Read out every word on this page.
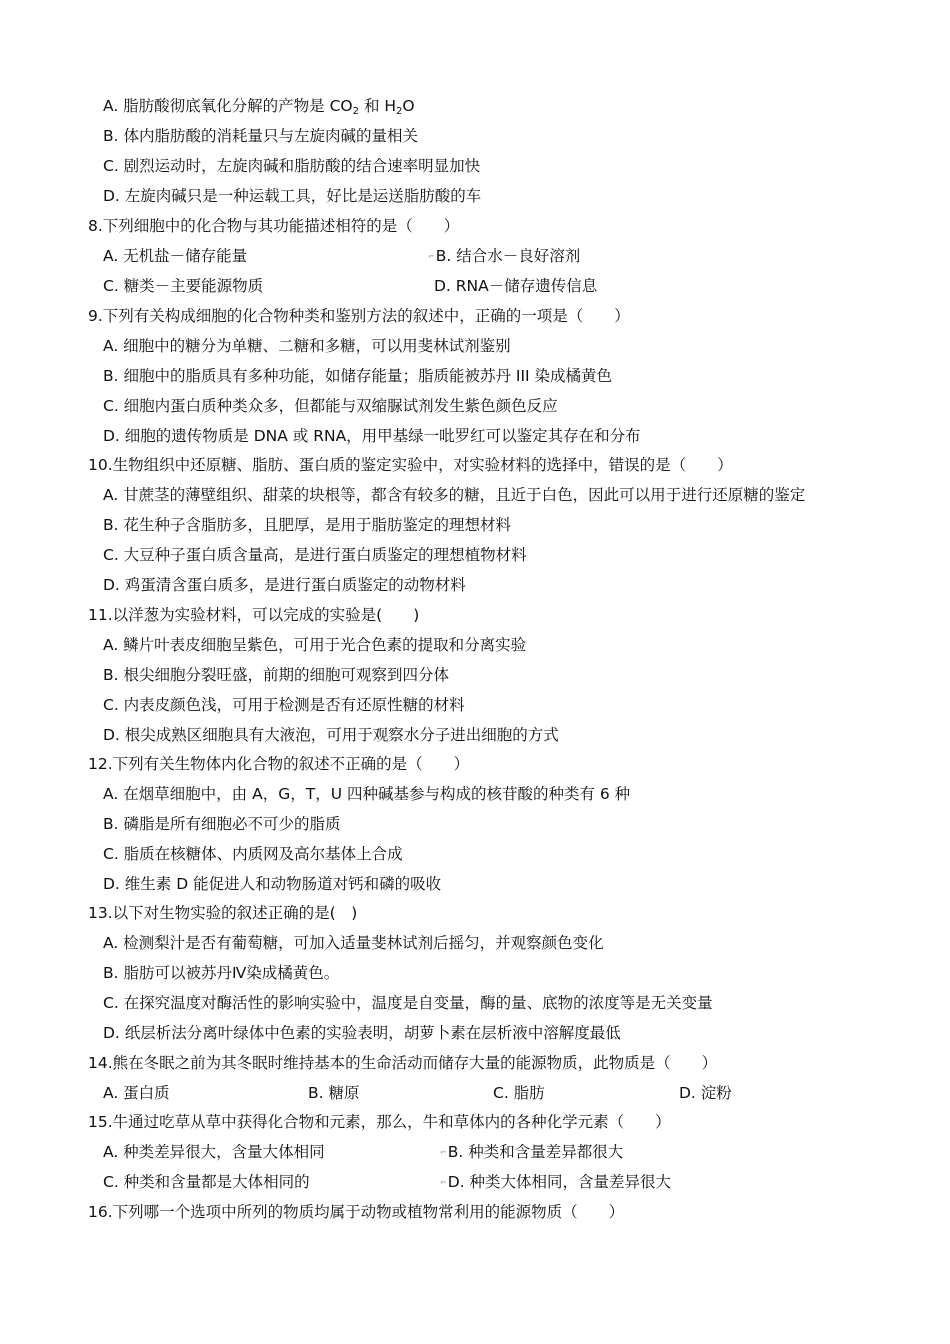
A. 脂肪酸彻底氧化分解的产物是 $CO_2$ 和 $H_2O$
B. 体内脂肪酸的消耗量只与左旋肉碱的量相关
C. 剧烈运动时，左旋肉碱和脂肪酸的结合速率明显加快
D. 左旋肉碱只是一种运载工具，好比是运送脂肪酸的车
8.下列细胞中的化合物与其功能描述相符的是（　　）
A. 无机盐－储存能量	⌐B. 结合水－良好溶剂
C. 糖类－主要能源物质	D. RNA－储存遗传信息
9.下列有关构成细胞的化合物种类和鉴别方法的叙述中，正确的一项是（　　）
A. 细胞中的糖分为单糖、二糖和多糖，可以用斐林试剂鉴别
B. 细胞中的脂质具有多种功能，如储存能量；脂质能被苏丹 III 染成橘黄色
C. 细胞内蛋白质种类众多，但都能与双缩脲试剂发生紫色颜色反应
D. 细胞的遗传物质是 DNA 或 RNA，用甲基绿一吡罗红可以鉴定其存在和分布
10.生物组织中还原糖、脂肪、蛋白质的鉴定实验中，对实验材料的选择中，错误的是（　　）
A. 甘蔗茎的薄壁组织、甜菜的块根等，都含有较多的糖，且近于白色，因此可以用于进行还原糖的鉴定
B. 花生种子含脂肪多，且肥厚，是用于脂肪鉴定的理想材料
C. 大豆种子蛋白质含量高，是进行蛋白质鉴定的理想植物材料
D. 鸡蛋清含蛋白质多，是进行蛋白质鉴定的动物材料
11.以洋葱为实验材料，可以完成的实验是(　　)
A. 鳞片叶表皮细胞呈紫色，可用于光合色素的提取和分离实验
B. 根尖细胞分裂旺盛，前期的细胞可观察到四分体
C. 内表皮颜色浅，可用于检测是否有还原性糖的材料
D. 根尖成熟区细胞具有大液泡，可用于观察水分子进出细胞的方式
12.下列有关生物体内化合物的叙述不正确的是（　　）
A. 在烟草细胞中，由 A，G，T，U 四种碱基参与构成的核苷酸的种类有 6 种
B. 磷脂是所有细胞必不可少的脂质
C. 脂质在核糖体、内质网及高尔基体上合成
D. 维生素 D 能促进人和动物肠道对钙和磷的吸收
13.以下对生物实验的叙述正确的是(　)
A. 检测梨汁是否有葡萄糖，可加入适量斐林试剂后摇匀，并观察颜色变化
B. 脂肪可以被苏丹Ⅳ染成橘黄色。
C. 在探究温度对酶活性的影响实验中，温度是自变量，酶的量、底物的浓度等是无关变量
D. 纸层析法分离叶绿体中色素的实验表明，胡萝卜素在层析液中溶解度最低
14.熊在冬眠之前为其冬眠时维持基本的生命活动而储存大量的能源物质，此物质是（　　）
A. 蛋白质	B. 糖原	C. 脂肪	D. 淀粉
15.牛通过吃草从草中获得化合物和元素，那么，牛和草体内的各种化学元素（　　）
A. 种类差异很大，含量大体相同	⌐B. 种类和含量差异都很大
C. 种类和含量都是大体相同的	⌐D. 种类大体相同，含量差异很大
16.下列哪一个选项中所列的物质均属于动物或植物常利用的能源物质（　　）
